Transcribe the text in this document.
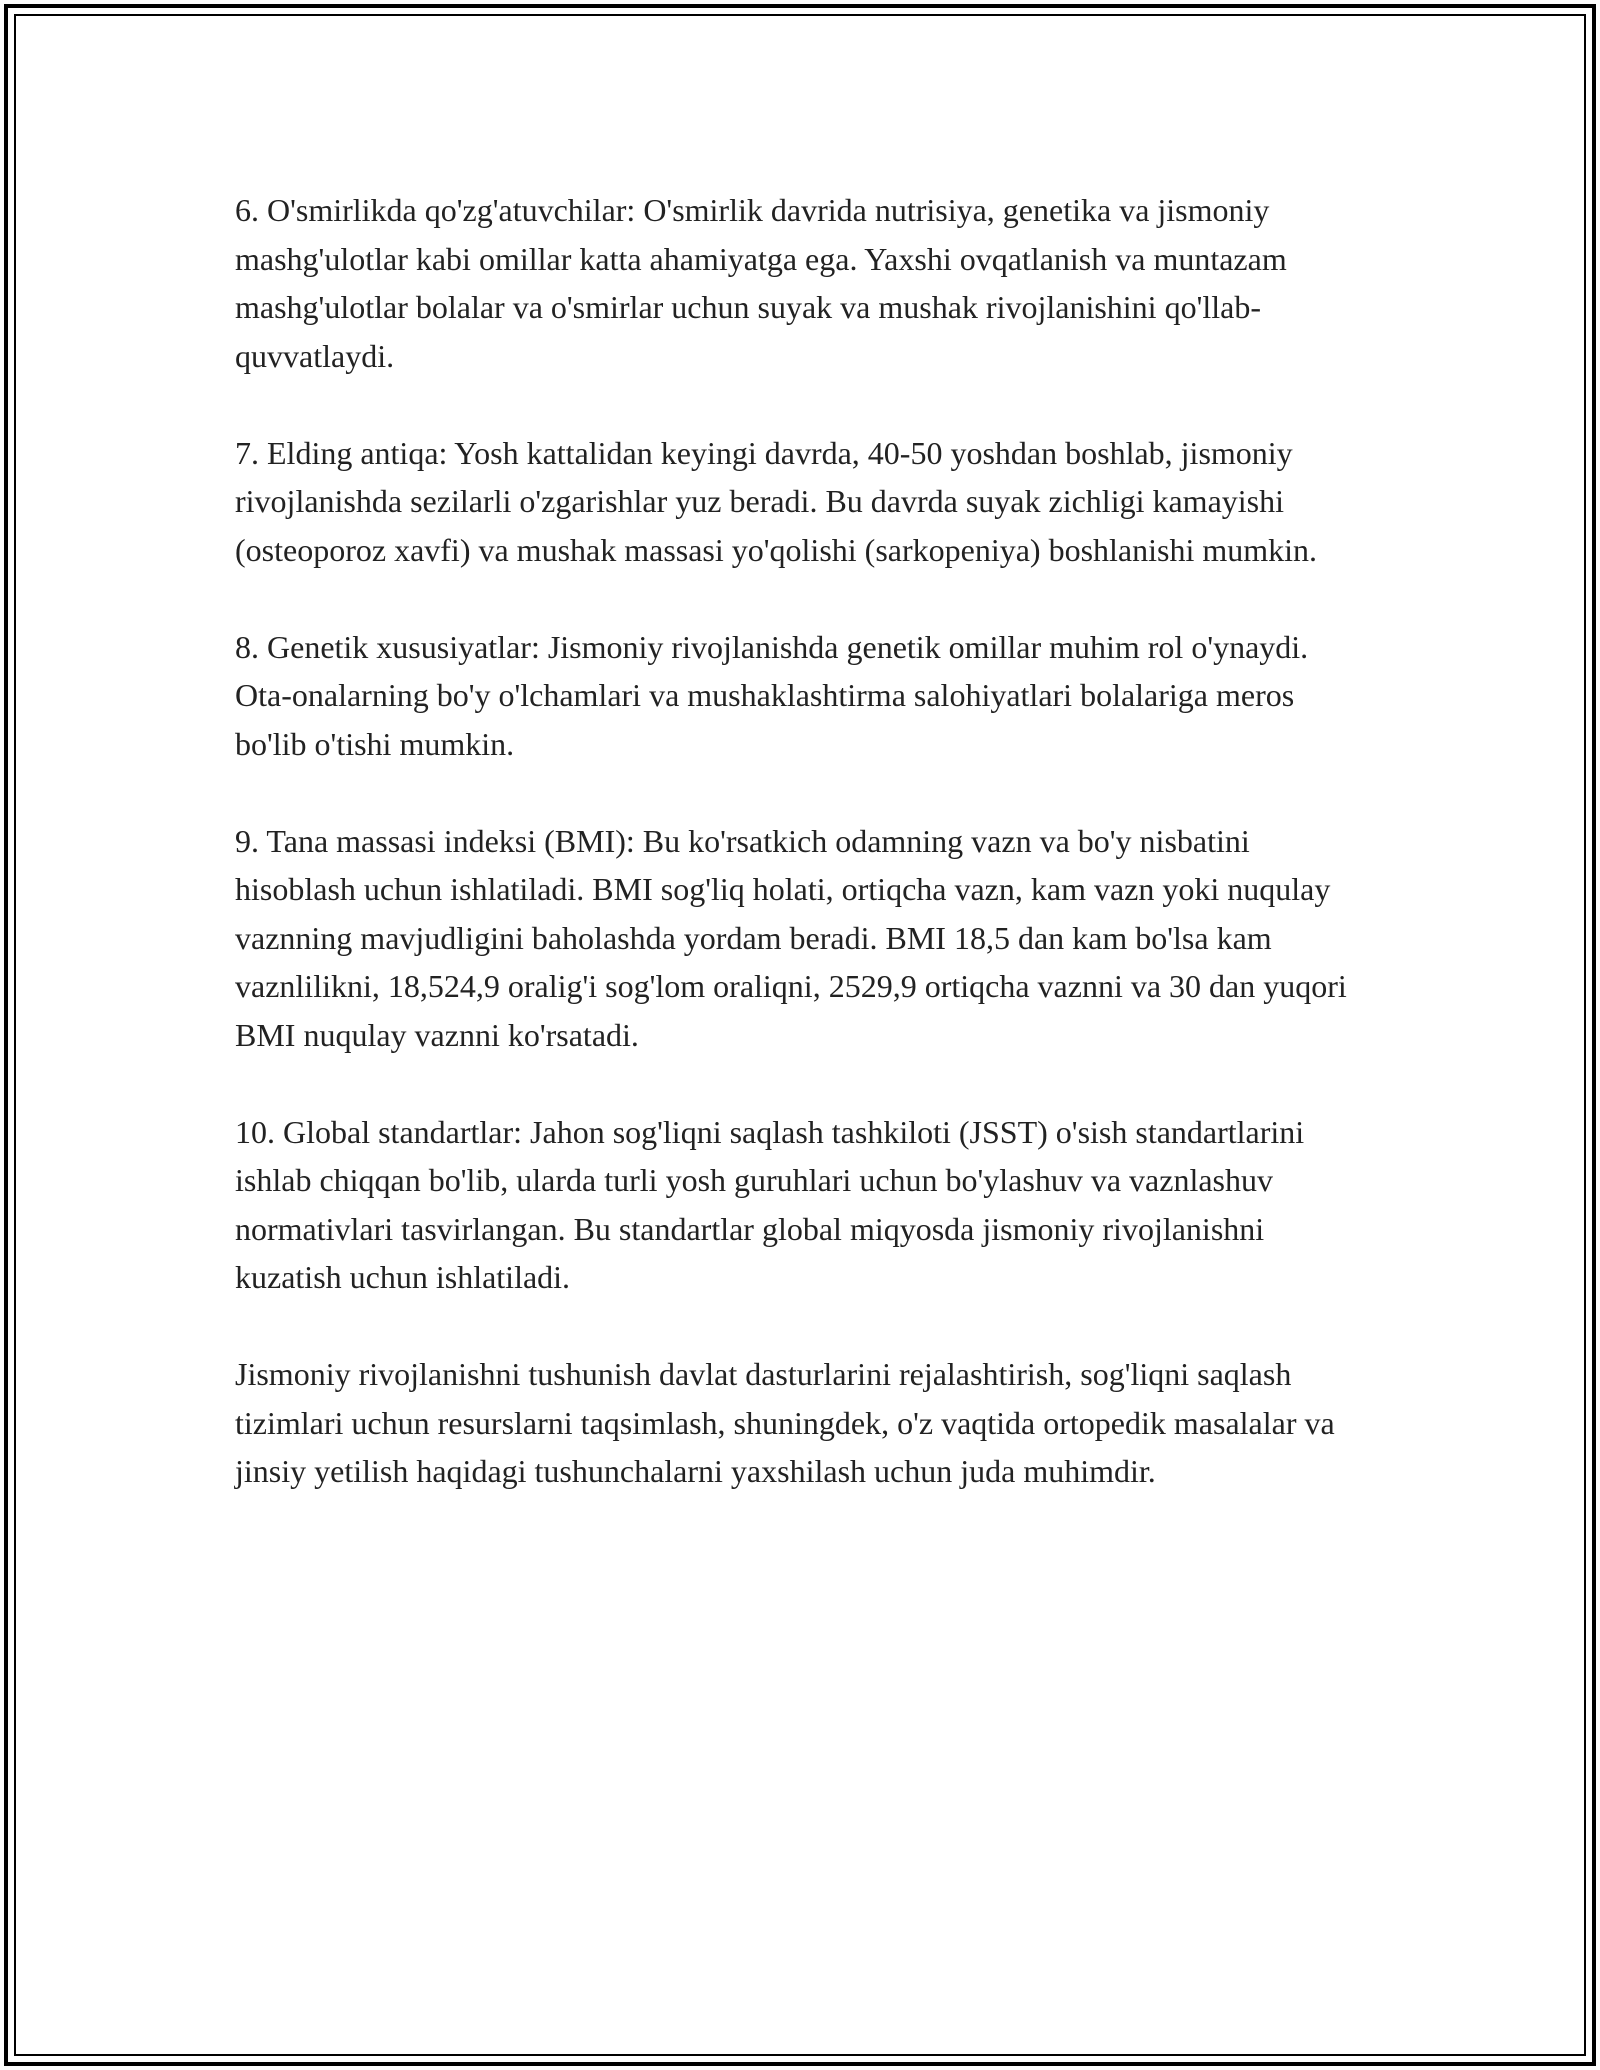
6. O'smirlikda qo'zg'atuvchilar: O'smirlik davrida nutrisiya, genetika va jismoniy mashg'ulotlar kabi omillar katta ahamiyatga ega. Yaxshi ovqatlanish va muntazam mashg'ulotlar bolalar va o'smirlar uchun suyak va mushak rivojlanishini qo'llab-quvvatlaydi.

7. Elding antiqa: Yosh kattalidan keyingi davrda, 40-50 yoshdan boshlab, jismoniy rivojlanishda sezilarli o'zgarishlar yuz beradi. Bu davrda suyak zichligi kamayishi (osteoporoz xavfi) va mushak massasi yo'qolishi (sarkopeniya) boshlanishi mumkin.

8. Genetik xususiyatlar: Jismoniy rivojlanishda genetik omillar muhim rol o'ynaydi. Ota-onalarning bo'y o'lchamlari va mushaklashtirma salohiyatlari bolalariga meros bo'lib o'tishi mumkin.

9. Tana massasi indeksi (BMI): Bu ko'rsatkich odamning vazn va bo'y nisbatini hisoblash uchun ishlatiladi. BMI sog'liq holati, ortiqcha vazn, kam vazn yoki nuqulay vaznning mavjudligini baholashda yordam beradi. BMI 18,5 dan kam bo'lsa kam vaznlilikni, 18,524,9 oralig'i sog'lom oraliqni, 2529,9 ortiqcha vaznni va 30 dan yuqori BMI nuqulay vaznni ko'rsatadi.

10. Global standartlar: Jahon sog'liqni saqlash tashkiloti (JSST) o'sish standartlarini ishlab chiqqan bo'lib, ularda turli yosh guruhlari uchun bo'ylashuv va vaznlashuv normativlari tasvirlangan. Bu standartlar global miqyosda jismoniy rivojlanishni kuzatish uchun ishlatiladi.

Jismoniy rivojlanishni tushunish davlat dasturlarini rejalashtirish, sog'liqni saqlash tizimlari uchun resurslarni taqsimlash, shuningdek, o'z vaqtida ortopedik masalalar va jinsiy yetilish haqidagi tushunchalarni yaxshilash uchun juda muhimdir.
